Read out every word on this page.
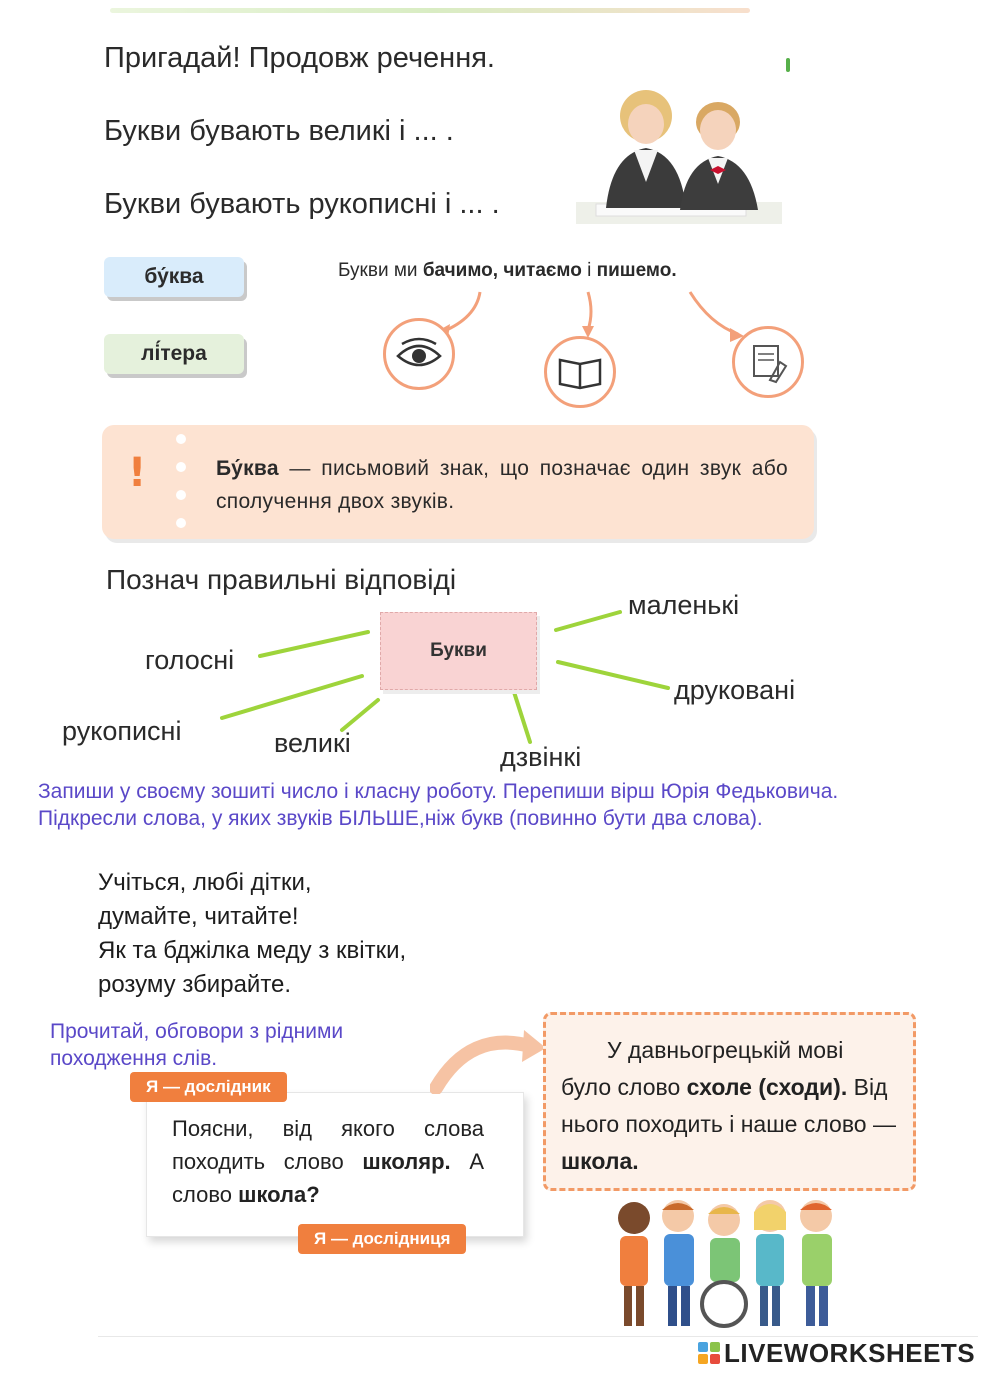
Пригадай! Продовж речення.
Букви бувають великі і ... .
Букви бувають рукописні і ... .
бу́ква
лі́тера
Букви ми бачимо, читаємо і пишемо.
!	Бу́ква — письмовий знак, що позначає один звук або сполучення двох звуків.
Познач правильні відповіді
Букви
маленькі
голосні
друковані
рукописні	великі	дзвінкі
Запиши у своєму зошиті число і класну роботу. Перепиши вірш Юрія Федьковича. Підкресли слова, у яких звуків БІЛЬШЕ,ніж букв (повинно бути два слова).
Учіться, любі дітки,
думайте, читайте!
Як та бджілка меду з квітки,
розуму збирайте.
Прочитай, обговори з рідними походження слів.
Я — дослідник
Поясни, від якого слова походить слово школяр. А слово школа?
Я — дослідниця
У давньогрецькій мові було слово схоле (сходи). Від нього походить і наше слово — школа.
LIVEWORKSHEETS
